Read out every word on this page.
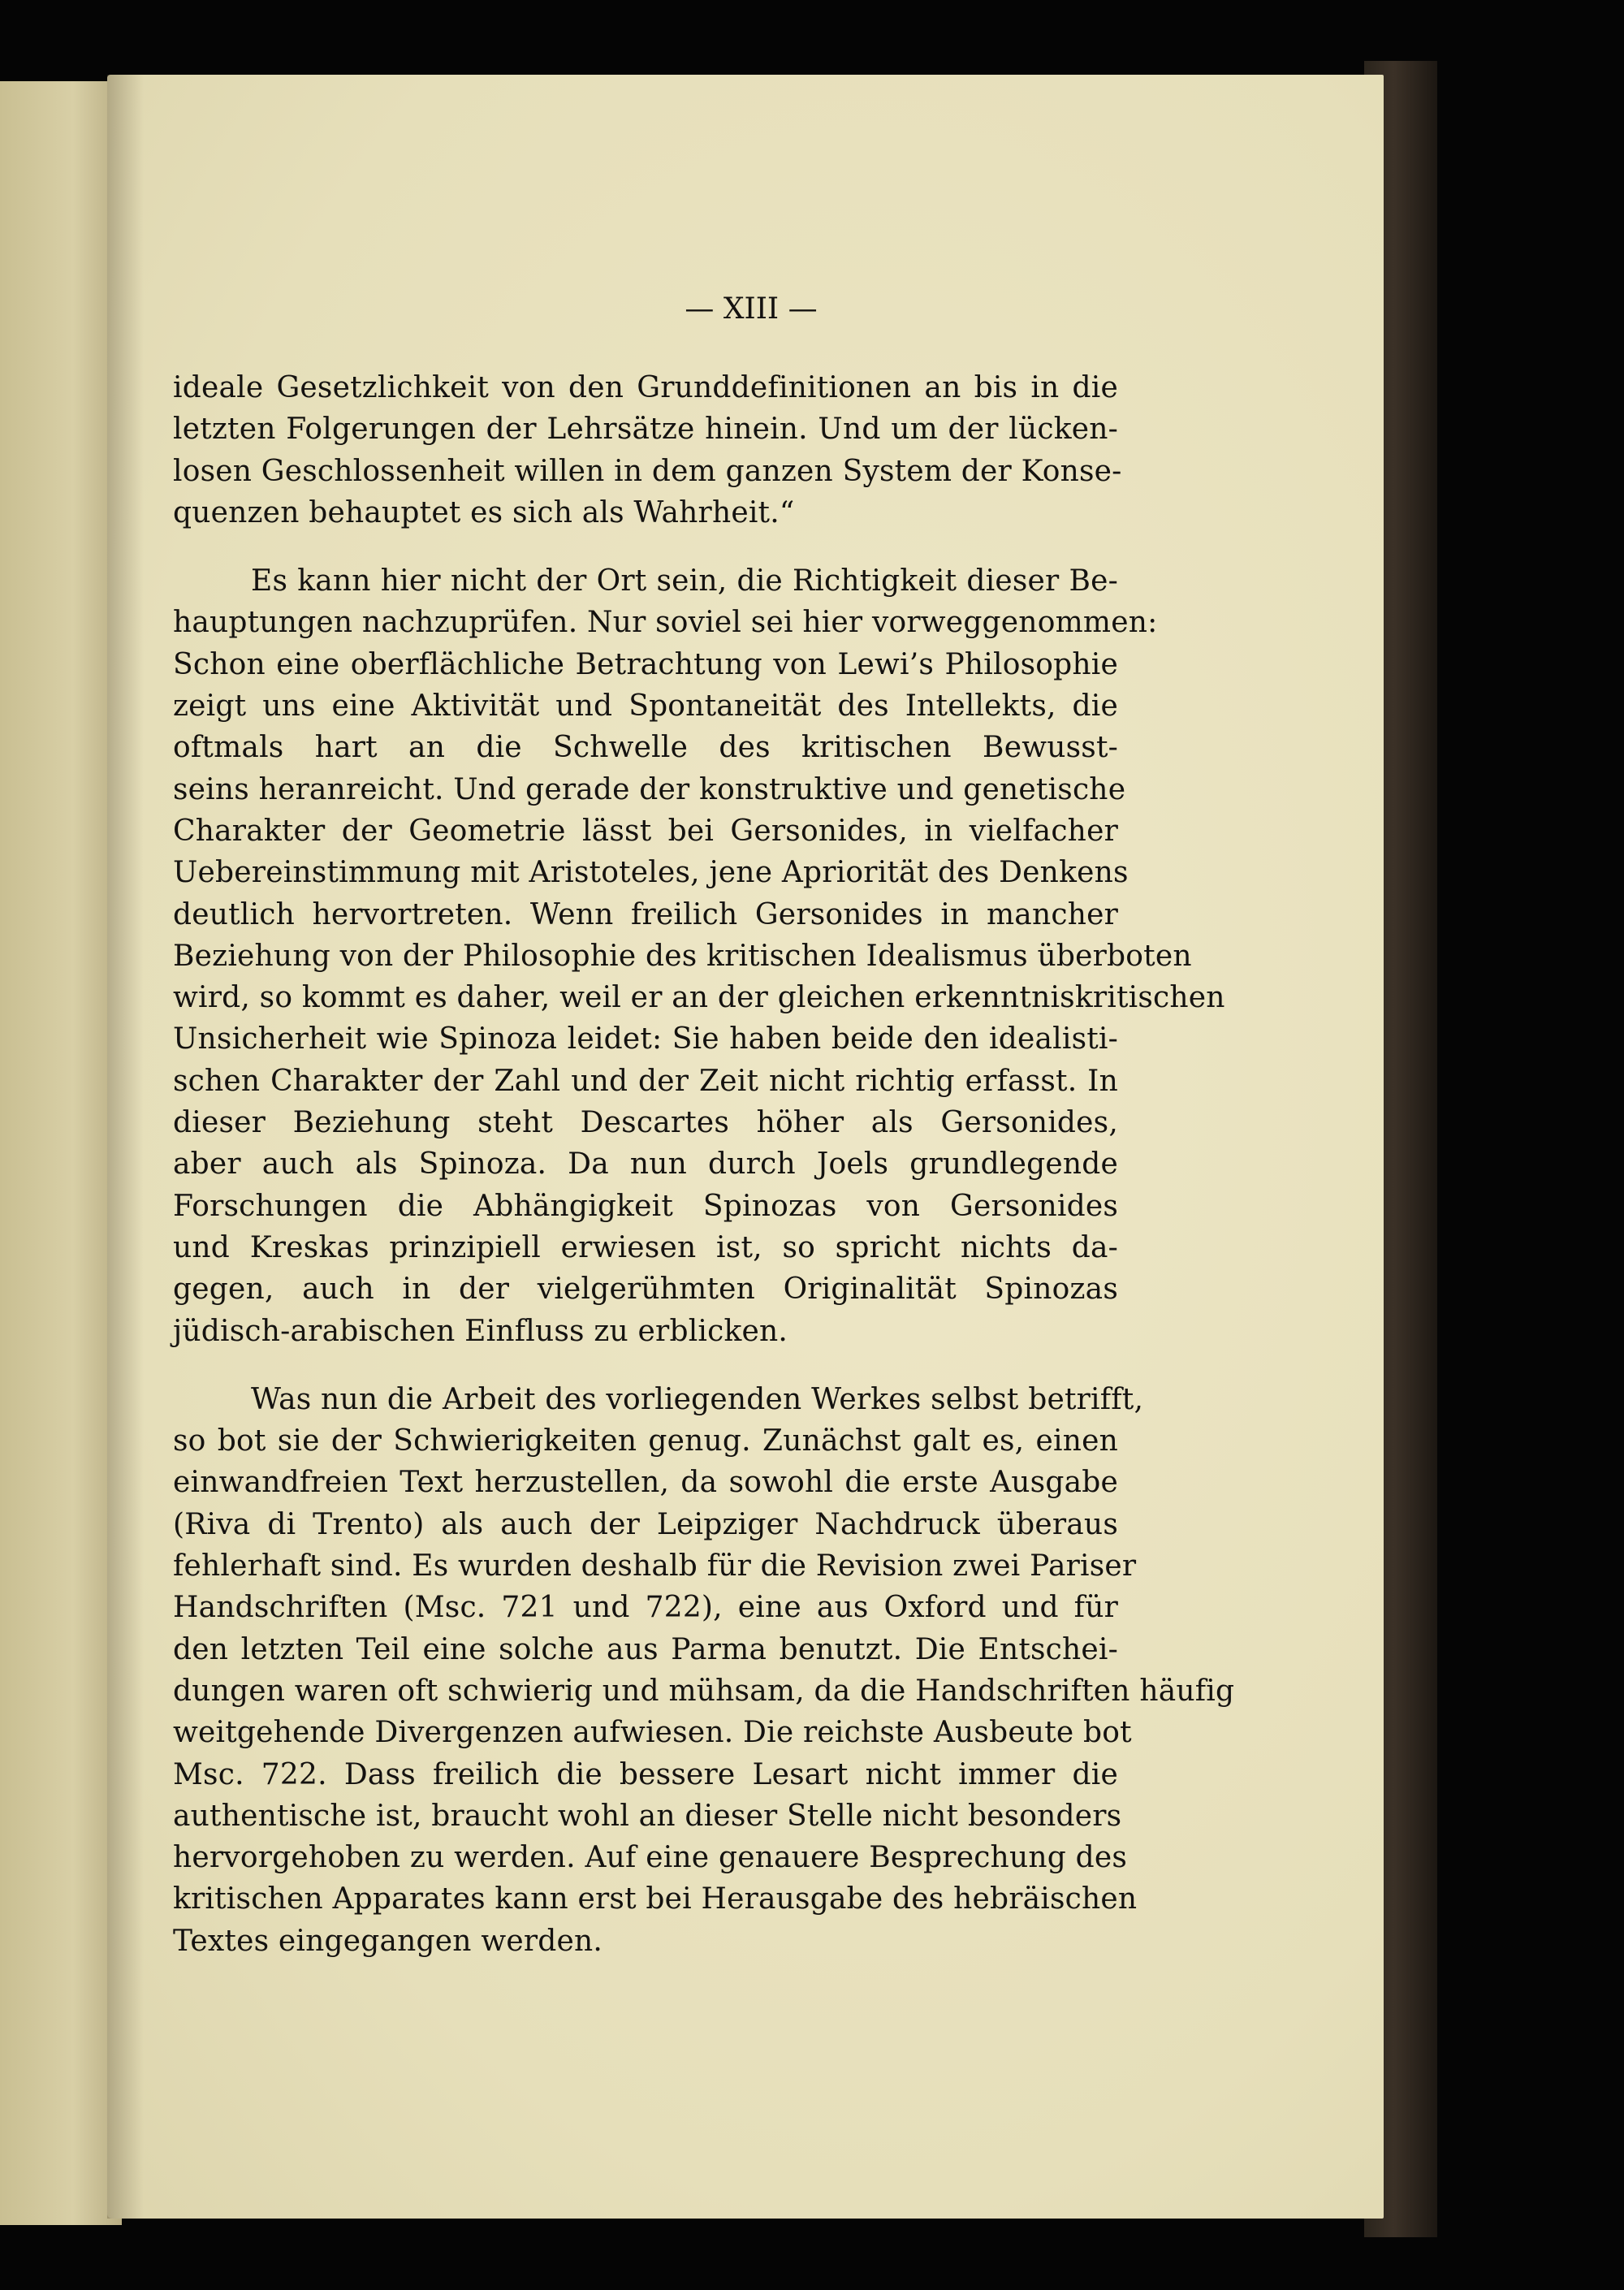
— XIII —

ideale Gesetzlichkeit von den Grunddefinitionen an bis in die
letzten Folgerungen der Lehrsätze hinein. Und um der lücken-
losen Geschlossenheit willen in dem ganzen System der Konse-
quenzen behauptet es sich als Wahrheit.“

Es kann hier nicht der Ort sein, die Richtigkeit dieser Be-
hauptungen nachzuprüfen. Nur soviel sei hier vorweggenommen:
Schon eine oberflächliche Betrachtung von Lewi’s Philosophie
zeigt uns eine Aktivität und Spontaneität des Intellekts, die
oftmals hart an die Schwelle des kritischen Bewusst-
seins heranreicht. Und gerade der konstruktive und genetische
Charakter der Geometrie lässt bei Gersonides, in vielfacher
Uebereinstimmung mit Aristoteles, jene Apriorität des Denkens
deutlich hervortreten. Wenn freilich Gersonides in mancher
Beziehung von der Philosophie des kritischen Idealismus überboten
wird, so kommt es daher, weil er an der gleichen erkenntniskritischen
Unsicherheit wie Spinoza leidet: Sie haben beide den idealisti-
schen Charakter der Zahl und der Zeit nicht richtig erfasst. In
dieser Beziehung steht Descartes höher als Gersonides,
aber auch als Spinoza. Da nun durch Joels grundlegende
Forschungen die Abhängigkeit Spinozas von Gersonides
und Kreskas prinzipiell erwiesen ist, so spricht nichts da-
gegen, auch in der vielgerühmten Originalität Spinozas
jüdisch-arabischen Einfluss zu erblicken.

Was nun die Arbeit des vorliegenden Werkes selbst betrifft,
so bot sie der Schwierigkeiten genug. Zunächst galt es, einen
einwandfreien Text herzustellen, da sowohl die erste Ausgabe
(Riva di Trento) als auch der Leipziger Nachdruck überaus
fehlerhaft sind. Es wurden deshalb für die Revision zwei Pariser
Handschriften (Msc. 721 und 722), eine aus Oxford und für
den letzten Teil eine solche aus Parma benutzt. Die Entschei-
dungen waren oft schwierig und mühsam, da die Handschriften häufig
weitgehende Divergenzen aufwiesen. Die reichste Ausbeute bot
Msc. 722. Dass freilich die bessere Lesart nicht immer die
authentische ist, braucht wohl an dieser Stelle nicht besonders
hervorgehoben zu werden. Auf eine genauere Besprechung des
kritischen Apparates kann erst bei Herausgabe des hebräischen
Textes eingegangen werden.
